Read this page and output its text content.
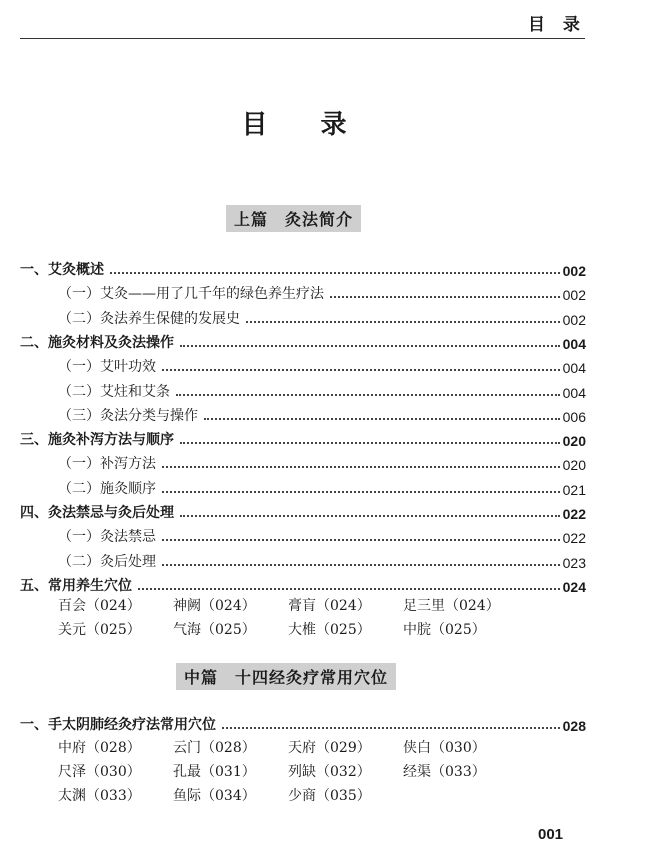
目 录
目 录
上篇　灸法简介
一、艾灸概述	002
（一）艾灸——用了几千年的绿色养生疗法	002
（二）灸法养生保健的发展史	002
二、施灸材料及灸法操作	004
（一）艾叶功效	004
（二）艾炷和艾条	004
（三）灸法分类与操作	006
三、施灸补泻方法与顺序	020
（一）补泻方法	020
（二）施灸顺序	021
四、灸法禁忌与灸后处理	022
（一）灸法禁忌	022
（二）灸后处理	023
五、常用养生穴位	024
百会（024）	神阙（024）	膏肓（024）	足三里（024）
关元（025）	气海（025）	大椎（025）	中脘（025）
中篇　十四经灸疗常用穴位
一、手太阴肺经灸疗法常用穴位	028
中府（028）	云门（028）	天府（029）	侠白（030）
尺泽（030）	孔最（031）	列缺（032）	经渠（033）
太渊（033）	鱼际（034）	少商（035）
001
